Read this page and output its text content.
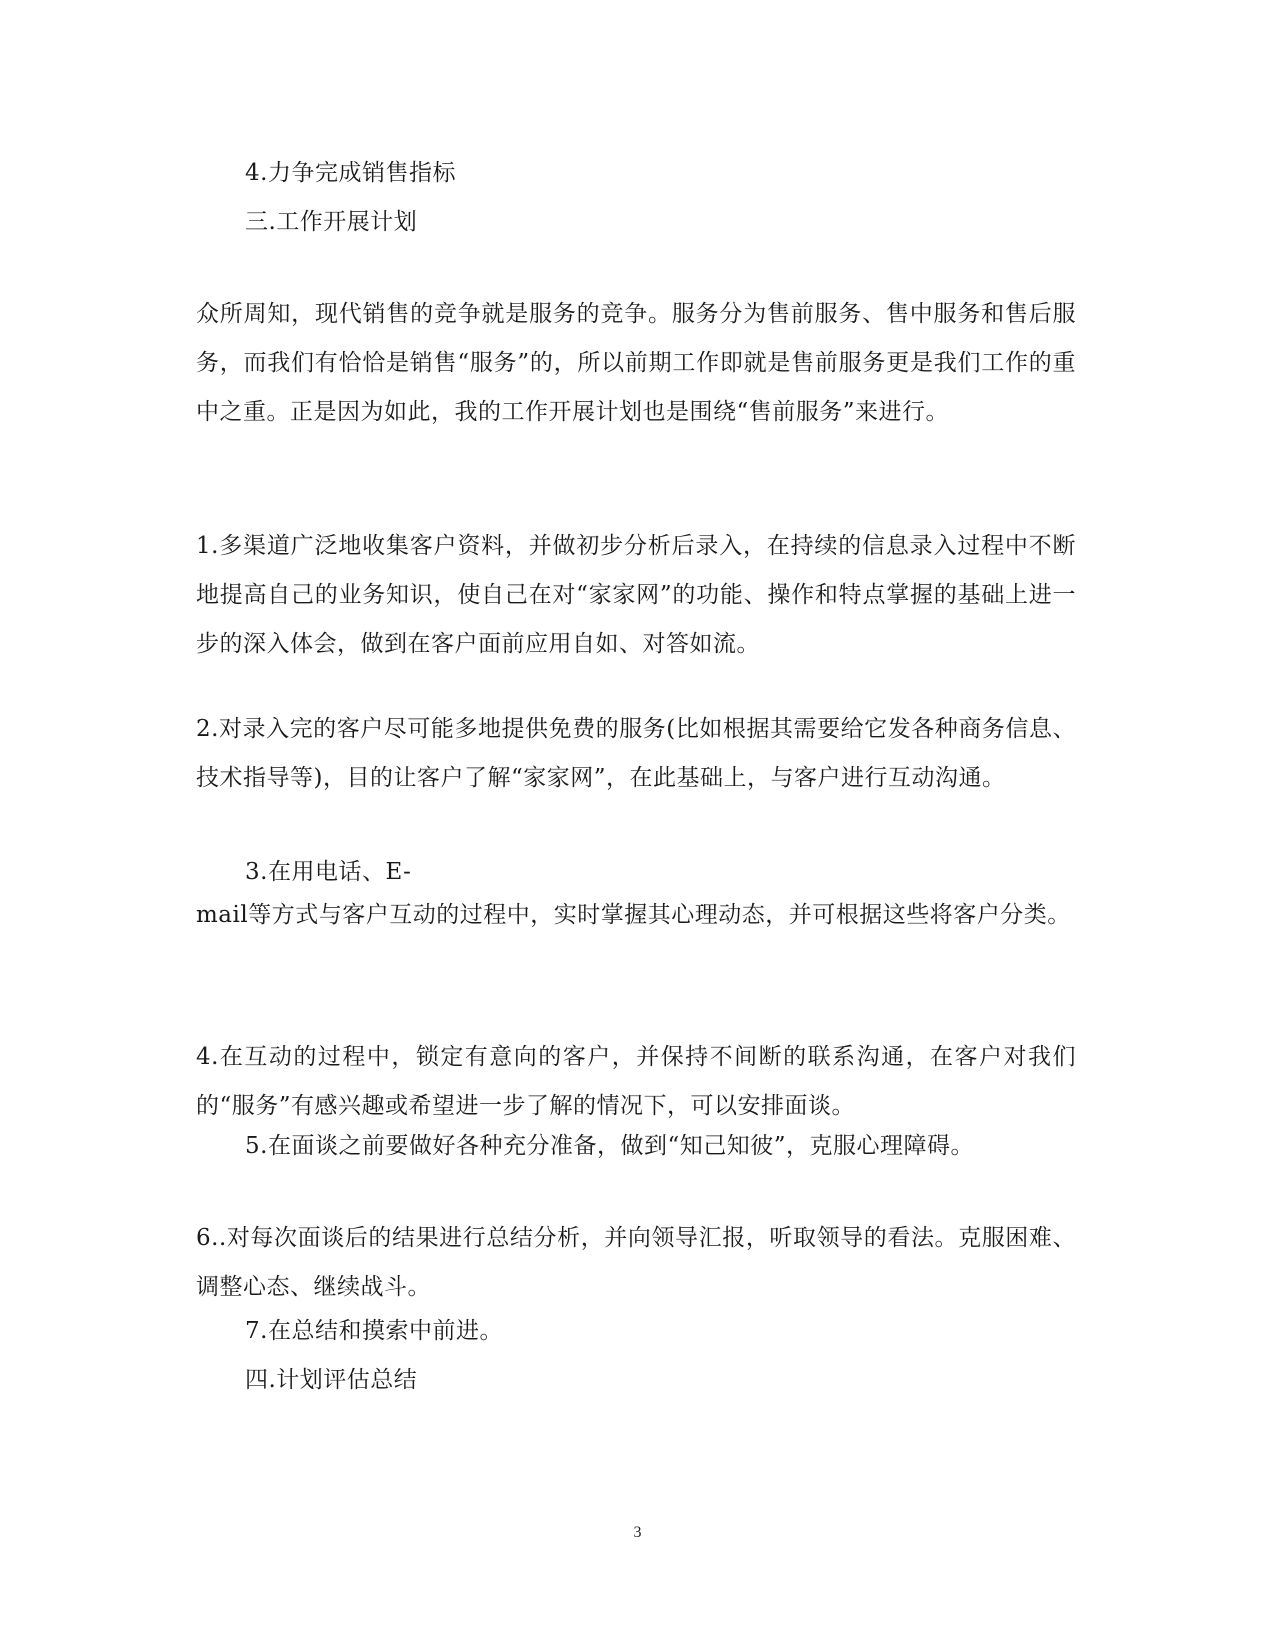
4.力争完成销售指标
三.工作开展计划
众所周知，现代销售的竞争就是服务的竞争。服务分为售前服务、售中服务和售后服务，而我们有恰恰是销售“服务”的，所以前期工作即就是售前服务更是我们工作的重中之重。正是因为如此，我的工作开展计划也是围绕“售前服务”来进行。
1.多渠道广泛地收集客户资料，并做初步分析后录入，在持续的信息录入过程中不断地提高自己的业务知识，使自己在对“家家网”的功能、操作和特点掌握的基础上进一步的深入体会，做到在客户面前应用自如、对答如流。
2.对录入完的客户尽可能多地提供免费的服务(比如根据其需要给它发各种商务信息、技术指导等)，目的让客户了解“家家网”，在此基础上，与客户进行互动沟通。
3.在用电话、E-
mail等方式与客户互动的过程中，实时掌握其心理动态，并可根据这些将客户分类。
4.在互动的过程中，锁定有意向的客户，并保持不间断的联系沟通，在客户对我们的“服务”有感兴趣或希望进一步了解的情况下，可以安排面谈。
5.在面谈之前要做好各种充分准备，做到“知己知彼”，克服心理障碍。
6..对每次面谈后的结果进行总结分析，并向领导汇报，听取领导的看法。克服困难、调整心态、继续战斗。
7.在总结和摸索中前进。
四.计划评估总结
3
